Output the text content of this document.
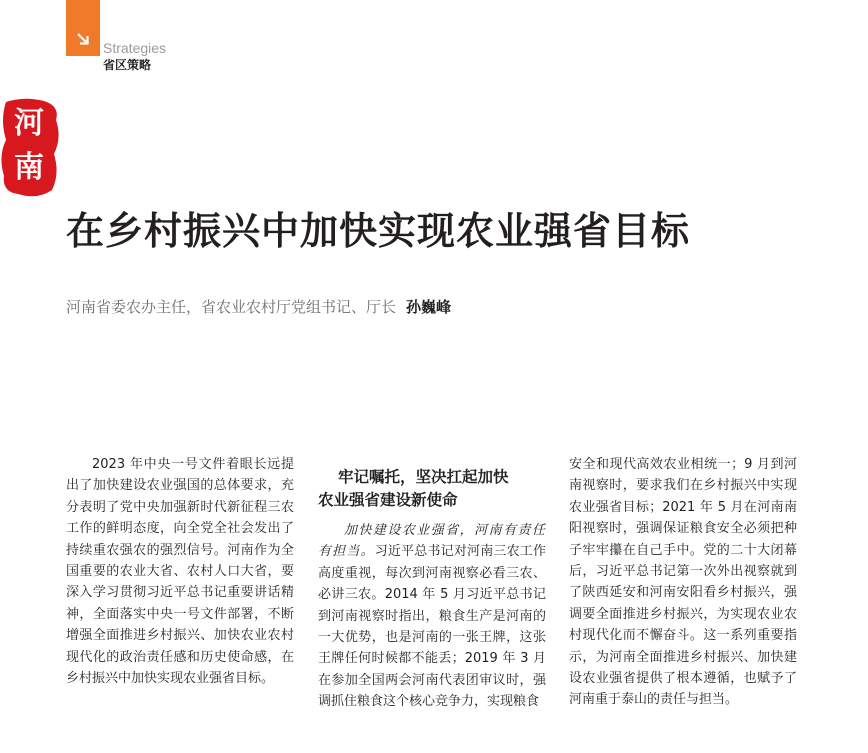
Strategies
省区策略
河南
在乡村振兴中加快实现农业强省目标
河南省委农办主任，省农业农村厅党组书记、厅长 孙巍峰

2023 年中央一号文件着眼长远提出了加快建设农业强国的总体要求，充分表明了党中央加强新时代新征程三农工作的鲜明态度，向全党全社会发出了持续重农强农的强烈信号。河南作为全国重要的农业大省、农村人口大省，要深入学习贯彻习近平总书记重要讲话精神，全面落实中央一号文件部署，不断增强全面推进乡村振兴、加快农业农村现代化的政治责任感和历史使命感，在乡村振兴中加快实现农业强省目标。

牢记嘱托，坚决扛起加快
农业强省建设新使命

加快建设农业强省，河南有责任有担当。习近平总书记对河南三农工作高度重视，每次到河南视察必看三农、必讲三农。2014 年 5 月习近平总书记到河南视察时指出，粮食生产是河南的一大优势，也是河南的一张王牌，这张王牌任何时候都不能丢；2019 年 3 月在参加全国两会河南代表团审议时，强调抓住粮食这个核心竞争力，实现粮食

安全和现代高效农业相统一；9 月到河南视察时，要求我们在乡村振兴中实现农业强省目标；2021 年 5 月在河南南阳视察时，强调保证粮食安全必须把种子牢牢攥在自己手中。党的二十大闭幕后，习近平总书记第一次外出视察就到了陕西延安和河南安阳看乡村振兴，强调要全面推进乡村振兴，为实现农业农村现代化而不懈奋斗。这一系列重要指示，为河南全面推进乡村振兴、加快建设农业强省提供了根本遵循，也赋予了河南重于泰山的责任与担当。
